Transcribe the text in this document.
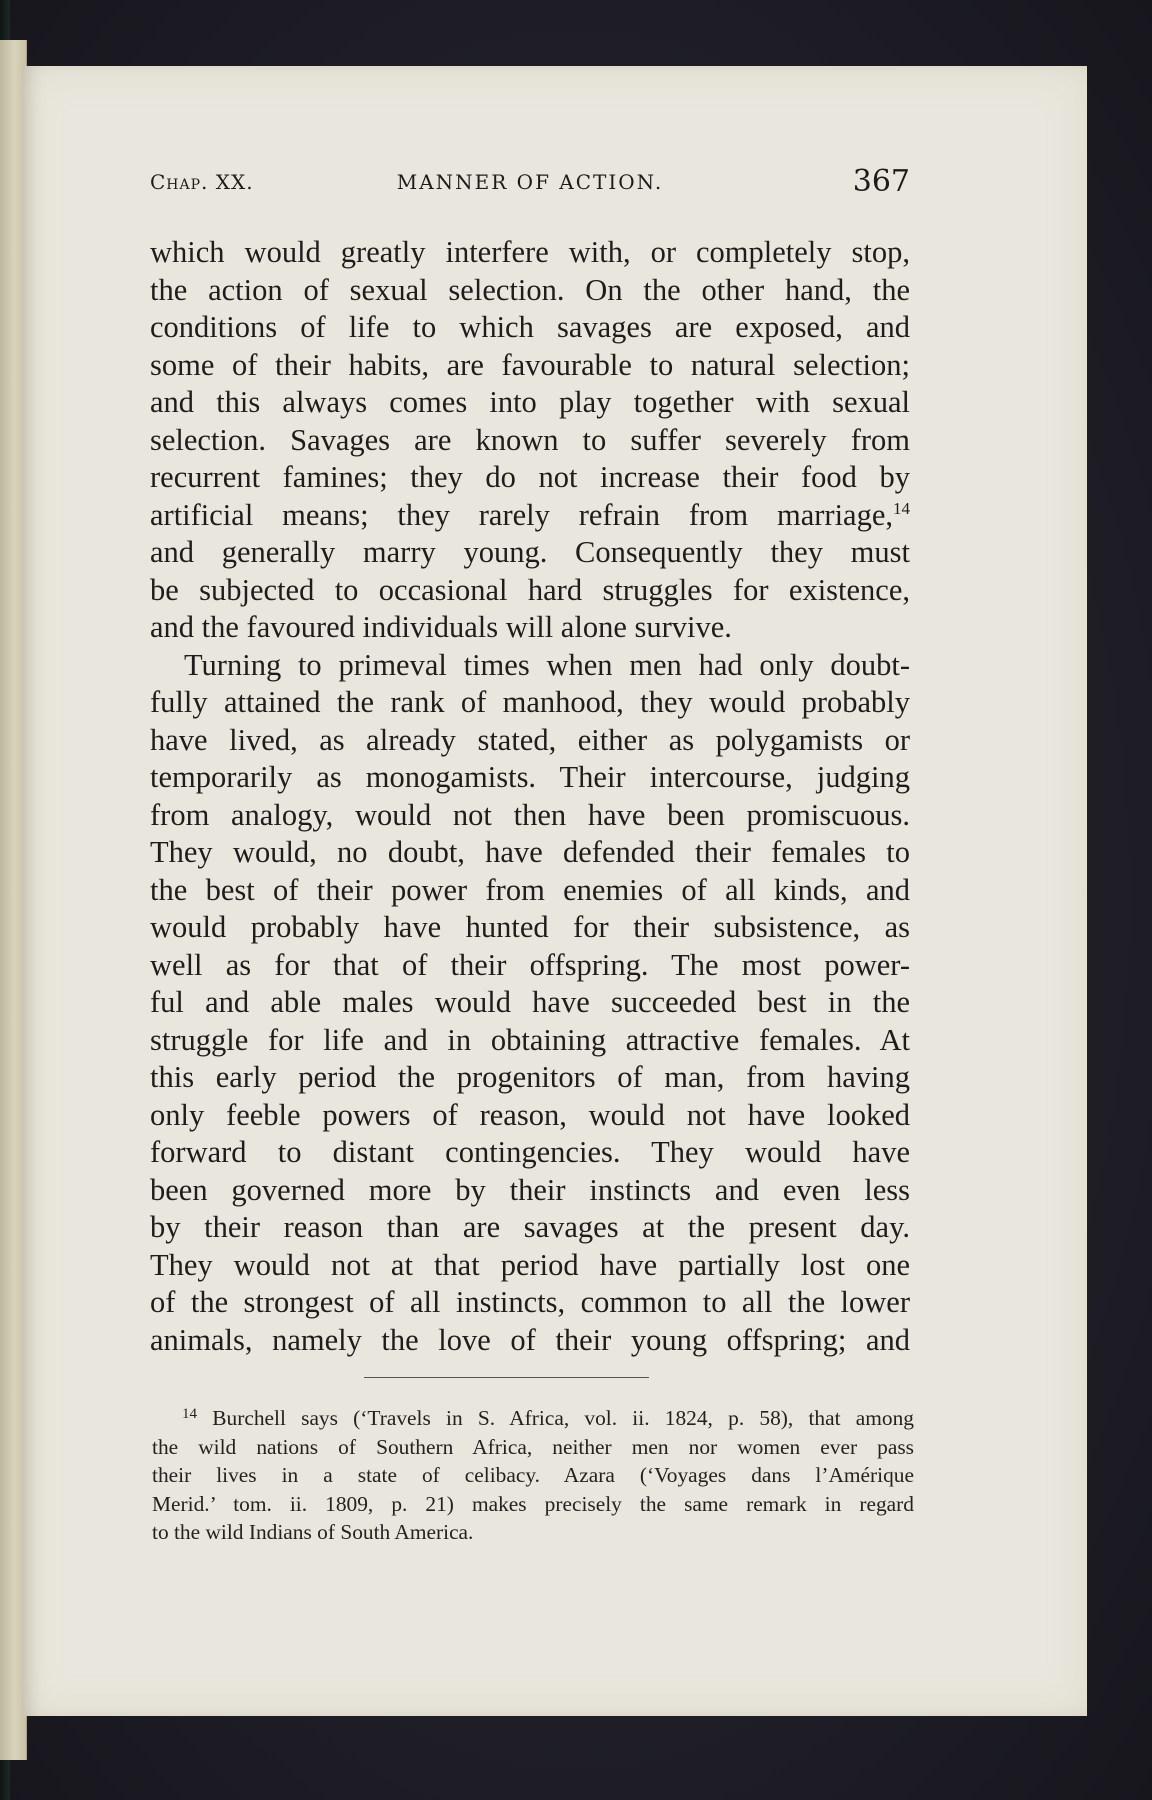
Chap. XX.	MANNER OF ACTION.	367

which would greatly interfere with, or completely stop,
the action of sexual selection. On the other hand, the
conditions of life to which savages are exposed, and
some of their habits, are favourable to natural selection;
and this always comes into play together with sexual
selection. Savages are known to suffer severely from
recurrent famines; they do not increase their food by
artificial means; they rarely refrain from marriage,$^{14}$
and generally marry young. Consequently they must
be subjected to occasional hard struggles for existence,
and the favoured individuals will alone survive.

Turning to primeval times when men had only doubt-
fully attained the rank of manhood, they would probably
have lived, as already stated, either as polygamists or
temporarily as monogamists. Their intercourse, judging
from analogy, would not then have been promiscuous.
They would, no doubt, have defended their females to
the best of their power from enemies of all kinds, and
would probably have hunted for their subsistence, as
well as for that of their offspring. The most power-
ful and able males would have succeeded best in the
struggle for life and in obtaining attractive females. At
this early period the progenitors of man, from having
only feeble powers of reason, would not have looked
forward to distant contingencies. They would have
been governed more by their instincts and even less
by their reason than are savages at the present day.
They would not at that period have partially lost one
of the strongest of all instincts, common to all the lower
animals, namely the love of their young offspring; and

$^{14}$ Burchell says (‘Travels in S. Africa, vol. ii. 1824, p. 58), that among
the wild nations of Southern Africa, neither men nor women ever pass
their lives in a state of celibacy. Azara (‘Voyages dans l’Amérique
Merid.’ tom. ii. 1809, p. 21) makes precisely the same remark in regard
to the wild Indians of South America.
